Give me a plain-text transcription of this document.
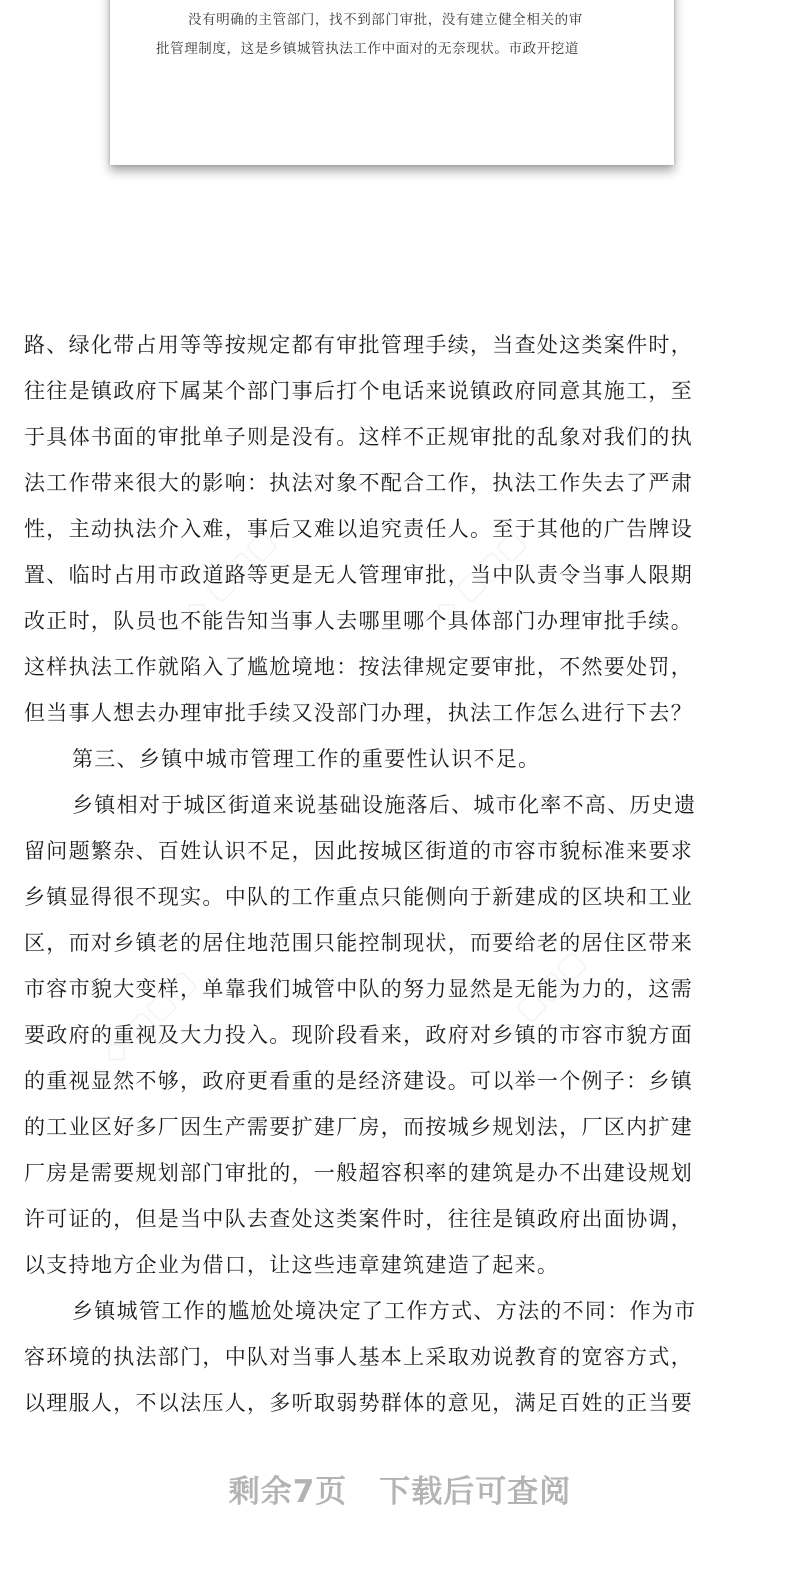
没有明确的主管部门，找不到部门审批，没有建立健全相关的审
批管理制度，这是乡镇城管执法工作中面对的无奈现状。市政开挖道
◇ ▢▢▢
◇ ▢▢▢	◇ ▢▢▢
◇ ▢▢▢
路、绿化带占用等等按规定都有审批管理手续，当查处这类案件时，
往往是镇政府下属某个部门事后打个电话来说镇政府同意其施工，至
于具体书面的审批单子则是没有。这样不正规审批的乱象对我们的执
法工作带来很大的影响：执法对象不配合工作，执法工作失去了严肃
性，主动执法介入难，事后又难以追究责任人。至于其他的广告牌设
置、临时占用市政道路等更是无人管理审批，当中队责令当事人限期
改正时，队员也不能告知当事人去哪里哪个具体部门办理审批手续。
这样执法工作就陷入了尴尬境地：按法律规定要审批，不然要处罚，
但当事人想去办理审批手续又没部门办理，执法工作怎么进行下去？
第三、乡镇中城市管理工作的重要性认识不足。
乡镇相对于城区街道来说基础设施落后、城市化率不高、历史遗
留问题繁杂、百姓认识不足，因此按城区街道的市容市貌标准来要求
乡镇显得很不现实。中队的工作重点只能侧向于新建成的区块和工业
区，而对乡镇老的居住地范围只能控制现状，而要给老的居住区带来
市容市貌大变样，单靠我们城管中队的努力显然是无能为力的，这需
要政府的重视及大力投入。现阶段看来，政府对乡镇的市容市貌方面
的重视显然不够，政府更看重的是经济建设。可以举一个例子：乡镇
的工业区好多厂因生产需要扩建厂房，而按城乡规划法，厂区内扩建
厂房是需要规划部门审批的，一般超容积率的建筑是办不出建设规划
许可证的，但是当中队去查处这类案件时，往往是镇政府出面协调，
以支持地方企业为借口，让这些违章建筑建造了起来。
乡镇城管工作的尴尬处境决定了工作方式、方法的不同：作为市
容环境的执法部门，中队对当事人基本上采取劝说教育的宽容方式，
以理服人，不以法压人，多听取弱势群体的意见，满足百姓的正当要
剩余7页 下载后可查阅
